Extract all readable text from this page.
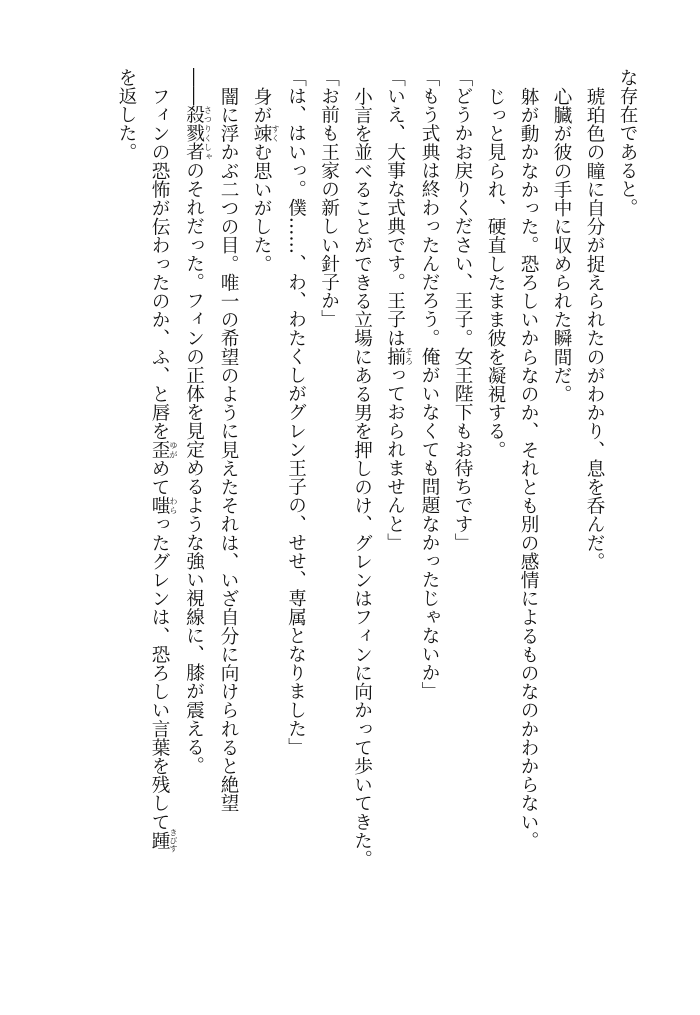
な存在であると。
琥珀色の瞳に自分が捉えられたのがわかり、息を呑んだ。
心臓が彼の手中に収められた瞬間だ。
躰が動かなかった。恐ろしいからなのか、それとも別の感情によるものなのかわからない。
じっと見られ、硬直したまま彼を凝視する。
「どうかお戻りください、王子。女王陛下もお待ちです」
「もう式典は終わったんだろう。俺がいなくても問題なかったじゃないか」
「いえ、大事な式典です。王子は揃 そろっておられませんと」
小言を並べることができる立場にある男を押しのけ、グレンはフィンに向かって歩いてきた。
「お前も王家の新しい針子か」
「は、はいっ。僕……、わ、わたくしがグレン王子の、せせ、専属となりました」
身が竦 すくむ思いがした。
闇に浮かぶ二つの目。唯一の希望のように見えたそれは、いざ自分に向けられると絶望
――殺戮者 さつりくしゃのそれだった。フィンの正体を見定めるような強い視線に、膝が震える。
フィンの恐怖が伝わったのか、ふ、と唇を歪 ゆがめて嗤 わらったグレンは、恐ろしい言葉を残して踵 きびす
を返した。
